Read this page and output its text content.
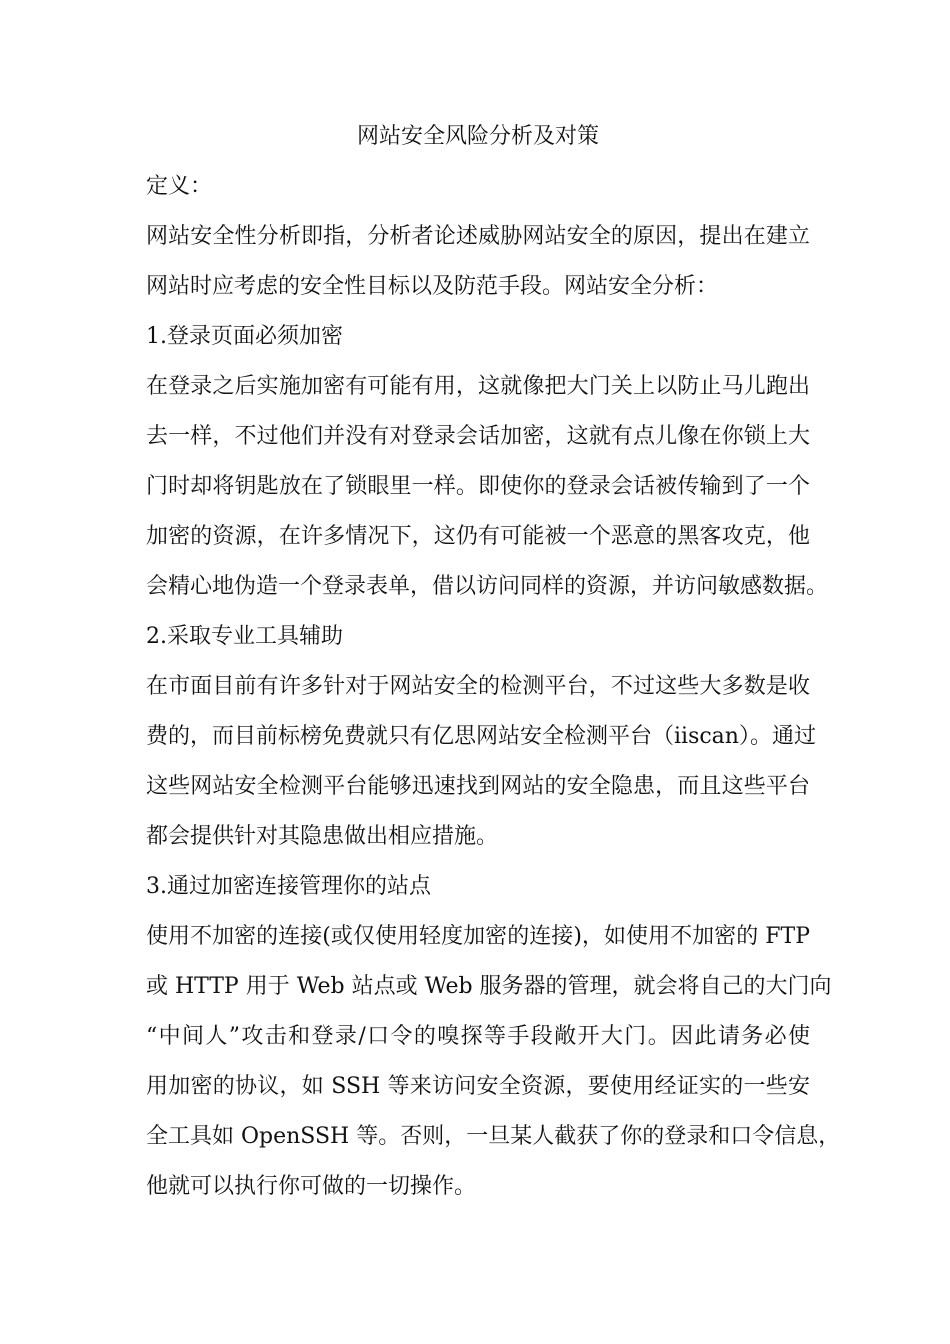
网站安全风险分析及对策

定义：

网站安全性分析即指，分析者论述威胁网站安全的原因，提出在建立

网站时应考虑的安全性目标以及防范手段。网站安全分析：

1.登录页面必须加密

在登录之后实施加密有可能有用，这就像把大门关上以防止马儿跑出

去一样，不过他们并没有对登录会话加密，这就有点儿像在你锁上大

门时却将钥匙放在了锁眼里一样。即使你的登录会话被传输到了一个

加密的资源，在许多情况下，这仍有可能被一个恶意的黑客攻克，他

会精心地伪造一个登录表单，借以访问同样的资源，并访问敏感数据。

2.采取专业工具辅助

在市面目前有许多针对于网站安全的检测平台，不过这些大多数是收

费的，而目前标榜免费就只有亿思网站安全检测平台（iiscan）。通过

这些网站安全检测平台能够迅速找到网站的安全隐患，而且这些平台

都会提供针对其隐患做出相应措施。

3.通过加密连接管理你的站点

使用不加密的连接(或仅使用轻度加密的连接)，如使用不加密的 FTP

或 HTTP 用于 Web 站点或 Web 服务器的管理，就会将自己的大门向

“中间人”攻击和登录/口令的嗅探等手段敞开大门。因此请务必使

用加密的协议，如 SSH 等来访问安全资源，要使用经证实的一些安

全工具如 OpenSSH 等。否则，一旦某人截获了你的登录和口令信息，

他就可以执行你可做的一切操作。
